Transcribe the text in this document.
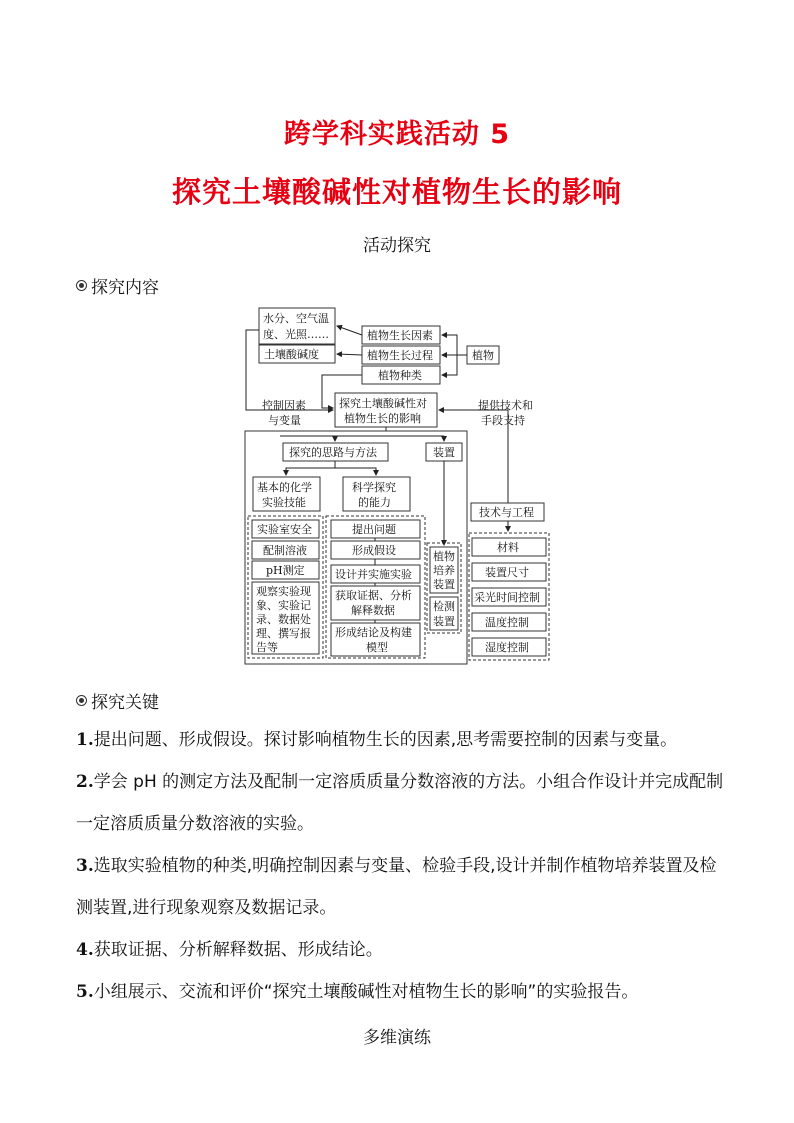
跨学科实践活动 5
探究土壤酸碱性对植物生长的影响
活动探究
探究内容
水分、空气温
度、光照……
土壤酸碱度
植物生长因素
植物生长过程
植物种类
植物
控制因素
与变量
提供技术和
手段支持
探究土壤酸碱性对
植物生长的影响
探究的思路与方法	装置
基本的化学
实验技能
科学探究
的能力
技术与工程
实验室安全
配制溶液
pH测定
观察实验现
象、实验记
录、数据处
理、撰写报
告等
提出问题
形成假设
设计并实施实验
获取证据、分析
解释数据
形成结论及构建
模型
植物
培养
装置
检测
装置
材料
装置尺寸
采光时间控制
温度控制
湿度控制
探究关键
1.提出问题、形成假设。探讨影响植物生长的因素,思考需要控制的因素与变量。
2.学会 pH 的测定方法及配制一定溶质质量分数溶液的方法。小组合作设计并完成配制一定溶质质量分数溶液的实验。
3.选取实验植物的种类,明确控制因素与变量、检验手段,设计并制作植物培养装置及检测装置,进行现象观察及数据记录。
4.获取证据、分析解释数据、形成结论。
5.小组展示、交流和评价“探究土壤酸碱性对植物生长的影响”的实验报告。
多维演练
